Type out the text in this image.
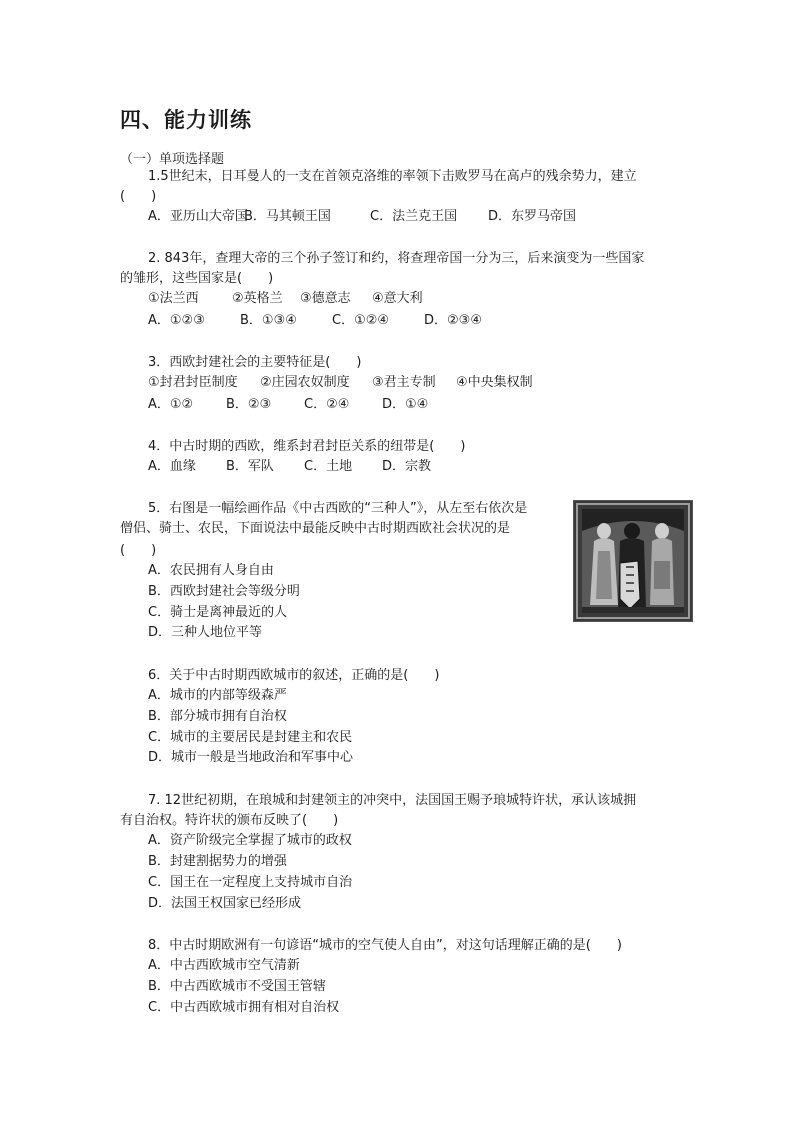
四、能力训练
（一）单项选择题
1.5世纪末，日耳曼人的一支在首领克洛维的率领下击败罗马在高卢的残余势力，建立
(　　)
A．亚历山大帝国B．马其顿王国	C．法兰克王国 D．东罗马帝国
2. 843年，查理大帝的三个孙子签订和约，将查理帝国一分为三，后来演变为一些国家
的雏形，这些国家是(　　)
①法兰西	②英格兰 ③德意志 ④意大利
A．①②③	B．①③④	C．①②④	D．②③④
3．西欧封建社会的主要特征是(　　)
①封君封臣制度 ②庄园农奴制度 ③君主专制 ④中央集权制
A．①②	B．②③	C．②④	D．①④
4．中古时期的西欧，维系封君封臣关系的纽带是(　　)
A．血缘 B．军队 C．土地 D．宗教
5．右图是一幅绘画作品《中古西欧的“三种人”》，从左至右依次是
僧侣、骑士、农民，下面说法中最能反映中古时期西欧社会状况的是
(　　)
A．农民拥有人身自由
B．西欧封建社会等级分明
C．骑士是离神最近的人
D．三种人地位平等
6．关于中古时期西欧城市的叙述，正确的是(　　)
A．城市的内部等级森严
B．部分城市拥有自治权
C．城市的主要居民是封建主和农民
D．城市一般是当地政治和军事中心
7. 12世纪初期，在琅城和封建领主的冲突中，法国国王赐予琅城特许状，承认该城拥
有自治权。特许状的颁布反映了(　　)
A．资产阶级完全掌握了城市的政权
B．封建割据势力的增强
C．国王在一定程度上支持城市自治
D．法国王权国家已经形成
8．中古时期欧洲有一句谚语“城市的空气使人自由”，对这句话理解正确的是(　　)
A．中古西欧城市空气清新
B．中古西欧城市不受国王管辖
C．中古西欧城市拥有相对自治权
